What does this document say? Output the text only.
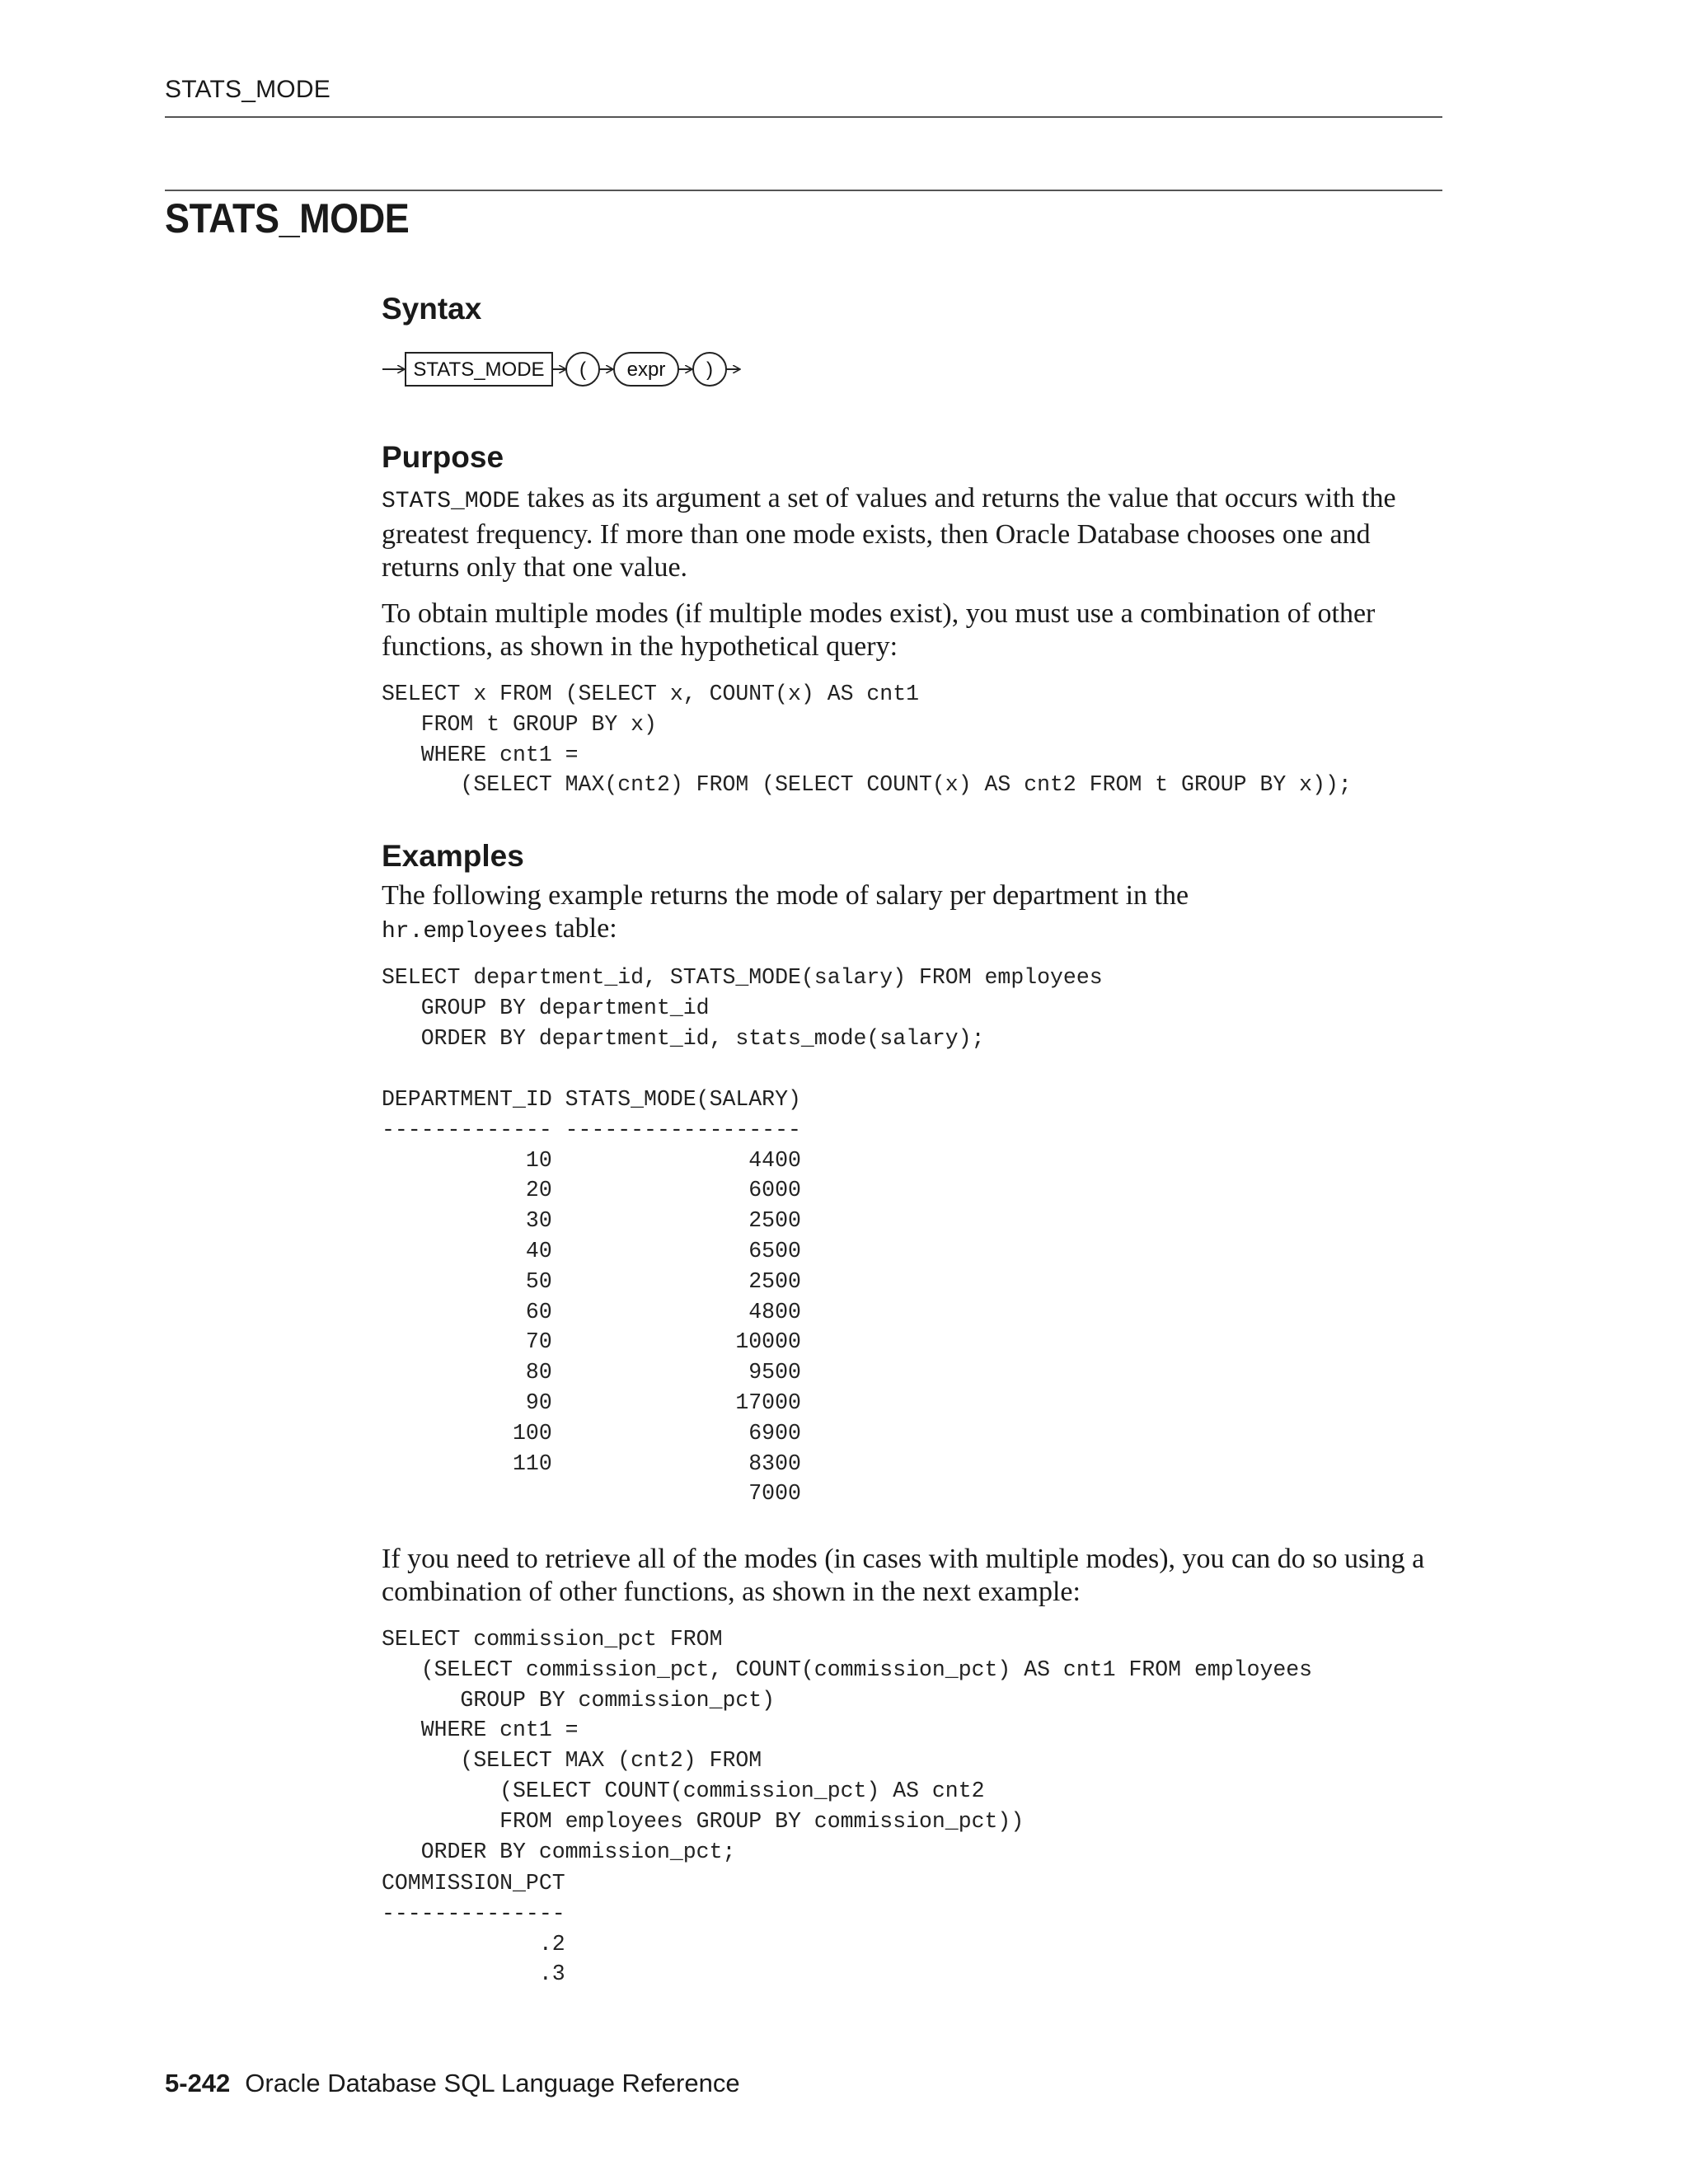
STATS_MODE
STATS_MODE
Syntax
STATS_MODE ( expr )
Purpose

STATS_MODE takes as its argument a set of values and returns the value that occurs with the greatest frequency. If more than one mode exists, then Oracle Database chooses one and returns only that one value.

To obtain multiple modes (if multiple modes exist), you must use a combination of other functions, as shown in the hypothetical query:

SELECT x FROM (SELECT x, COUNT(x) AS cnt1
FROM t GROUP BY x)
WHERE cnt1 =
(SELECT MAX(cnt2) FROM (SELECT COUNT(x) AS cnt2 FROM t GROUP BY x));
Examples

The following example returns the mode of salary per department in the hr.employees table:

SELECT department_id, STATS_MODE(salary) FROM employees
GROUP BY department_id
ORDER BY department_id, stats_mode(salary);
DEPARTMENT_ID STATS_MODE(SALARY)
------------- ------------------
10               4400
20               6000
30               2500
40               6500
50               2500
60               4800
70              10000
80               9500
90              17000
100               6900
110               8300
7000

If you need to retrieve all of the modes (in cases with multiple modes), you can do so using a combination of other functions, as shown in the next example:

SELECT commission_pct FROM
(SELECT commission_pct, COUNT(commission_pct) AS cnt1 FROM employees
GROUP BY commission_pct)
WHERE cnt1 =
(SELECT MAX (cnt2) FROM
(SELECT COUNT(commission_pct) AS cnt2
FROM employees GROUP BY commission_pct))
ORDER BY commission_pct;
COMMISSION_PCT
--------------
.2
.3
5-242 Oracle Database SQL Language Reference
